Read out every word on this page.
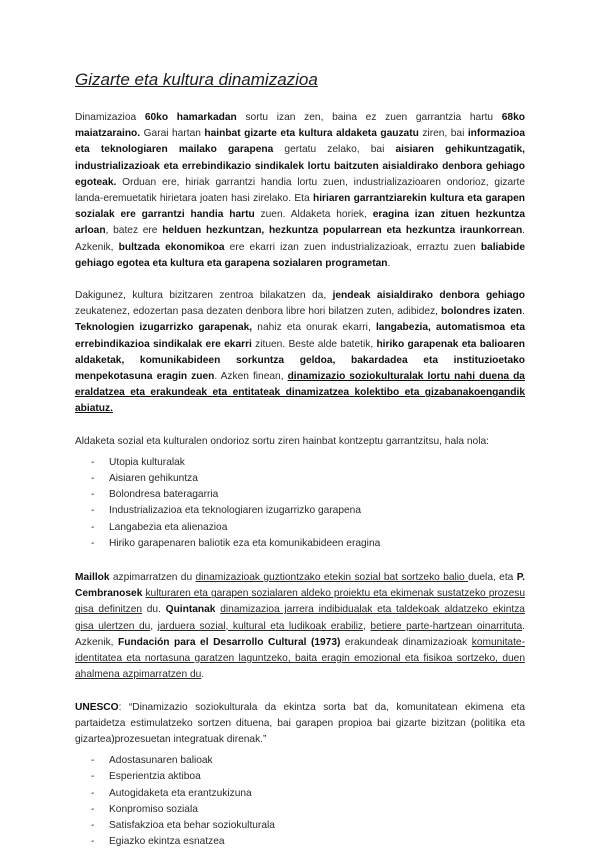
Gizarte eta kultura dinamizazioa

Dinamizazioa 60ko hamarkadan sortu izan zen, baina ez zuen garrantzia hartu 68ko maiatzaraino. Garai hartan hainbat gizarte eta kultura aldaketa gauzatu ziren, bai informazioa eta teknologiaren mailako garapena gertatu zelako, bai aisiaren gehikuntzagatik, industrializazioak eta errebindikazio sindikalek lortu baitzuten aisialdirako denbora gehiago egoteak. Orduan ere, hiriak garrantzi handia lortu zuen, industrializazioaren ondorioz, gizarte landa-eremuetatik hirietara joaten hasi zirelako. Eta hiriaren garrantziarekin kultura eta garapen sozialak ere garrantzi handia hartu zuen. Aldaketa horiek, eragina izan zituen hezkuntza arloan, batez ere helduen hezkuntzan, hezkuntza popularrean eta hezkuntza iraunkorrean. Azkenik, bultzada ekonomikoa ere ekarri izan zuen industrializazioak, erraztu zuen baliabide gehiago egotea eta kultura eta garapena sozialaren programetan.

Dakigunez, kultura bizitzaren zentroa bilakatzen da, jendeak aisialdirako denbora gehiago zeukatenez, edozertan pasa dezaten denbora libre hori bilatzen zuten, adibidez, bolondres izaten. Teknologien izugarrizko garapenak, nahiz eta onurak ekarri, langabezia, automatismoa eta errebindikazioa sindikalak ere ekarri zituen. Beste alde batetik, hiriko garapenak eta balioaren aldaketak, komunikabideen sorkuntza geldoa, bakardadea eta instituzioetako menpekotasuna eragin zuen. Azken finean, dinamizazio soziokulturalak lortu nahi duena da eraldatzea eta erakundeak eta entitateak dinamizatzea kolektibo eta gizabanakoengandik abiatuz.

Aldaketa sozial eta kulturalen ondorioz sortu ziren hainbat kontzeptu garrantzitsu, hala nola:

- Utopia kulturalak
- Aisiaren gehikuntza
- Bolondresa bateragarria
- Industrializazioa eta teknologiaren izugarrizko garapena
- Langabezia eta alienazioa
- Hiriko garapenaren baliotik eza eta komunikabideen eragina

Maillok azpimarratzen du dinamizazioak guztiontzako etekin sozial bat sortzeko balio duela, eta P. Cembranosek kulturaren eta garapen sozialaren aldeko proiektu eta ekimenak sustatzeko prozesu gisa definitzen du. Quintanak dinamizazioa jarrera indibidualak eta taldekoak aldatzeko ekintza gisa ulertzen du, jarduera sozial, kultural eta ludikoak erabiliz, betiere parte-hartzean oinarrituta. Azkenik, Fundación para el Desarrollo Cultural (1973) erakundeak dinamizazioak komunitate-identitatea eta nortasuna garatzen laguntzeko, baita eragin emozional eta fisikoa sortzeko, duen ahalmena azpimarratzen du.

UNESCO: “Dinamizazio soziokulturala da ekintza sorta bat da, komunitatean ekimena eta partaidetza estimulatzeko sortzen dituena, bai garapen propioa bai gizarte bizitzan (politika eta gizartea)prozesuetan integratuak direnak.”

- Adostasunaren balioak
- Esperientzia aktiboa
- Autogidaketa eta erantzukizuna
- Konpromiso soziala
- Satisfakzioa eta behar soziokulturala
- Egiazko ekintza esnatzea
